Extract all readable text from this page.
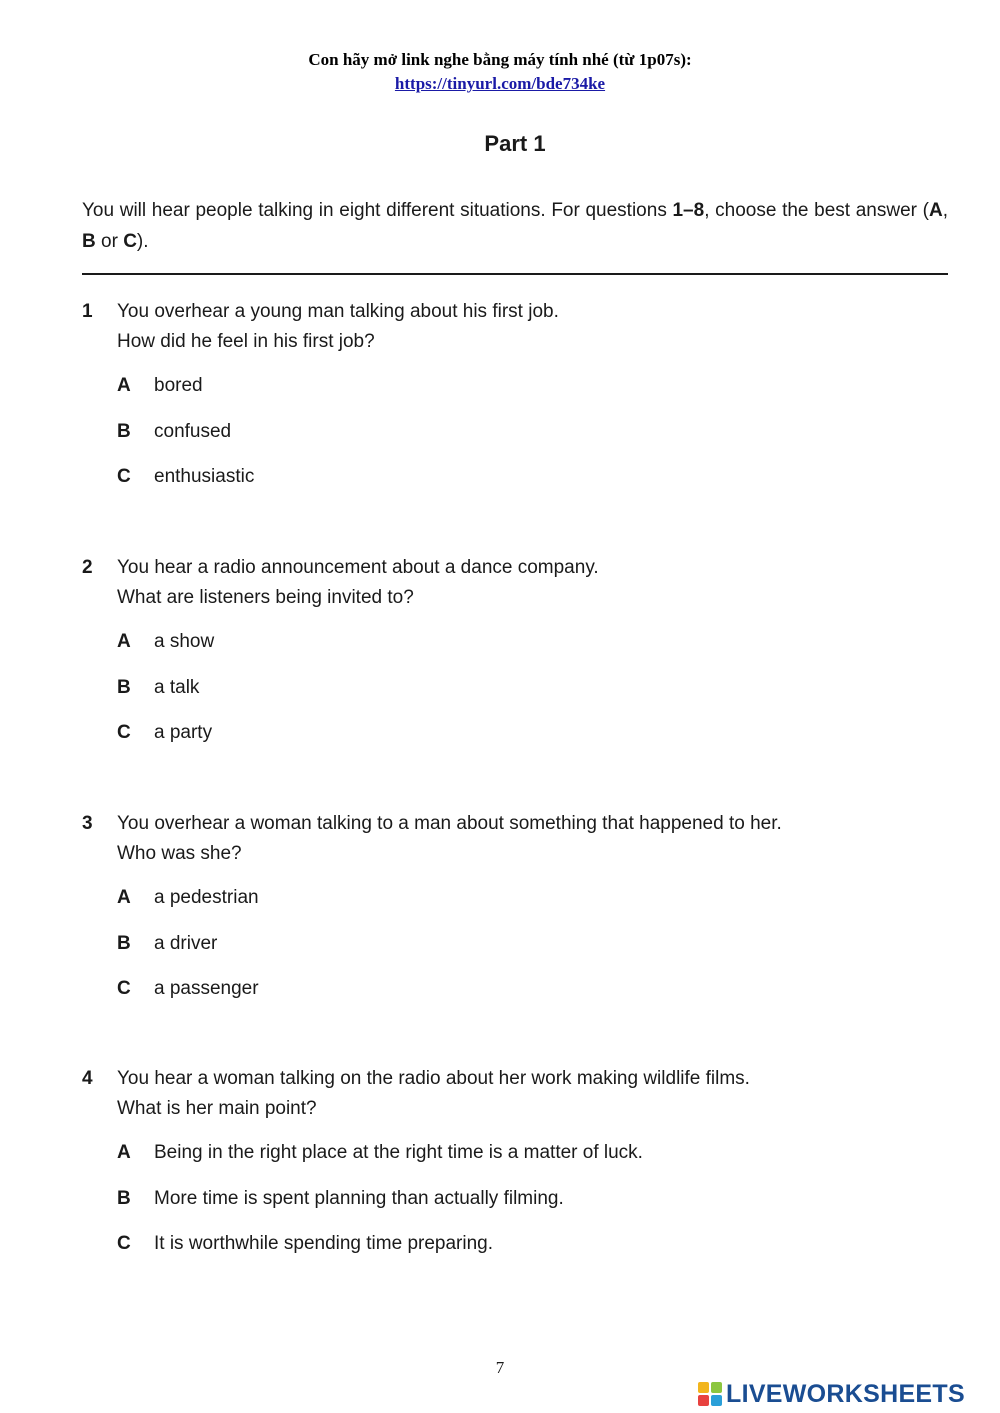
Con hãy mở link nghe bằng máy tính nhé (từ 1p07s):
https://tinyurl.com/bde734ke
Part 1
You will hear people talking in eight different situations. For questions 1–8, choose the best answer (A, B or C).
1 You overhear a young man talking about his first job.
How did he feel in his first job?
A	bored
B	confused
C	enthusiastic
2 You hear a radio announcement about a dance company.
What are listeners being invited to?
A	a show
B	a talk
C	a party
3 You overhear a woman talking to a man about something that happened to her.
Who was she?
A	a pedestrian
B	a driver
C	a passenger
4 You hear a woman talking on the radio about her work making wildlife films.
What is her main point?
A	Being in the right place at the right time is a matter of luck.
B	More time is spent planning than actually filming.
C	It is worthwhile spending time preparing.
7
LIVEWORKSHEETS
